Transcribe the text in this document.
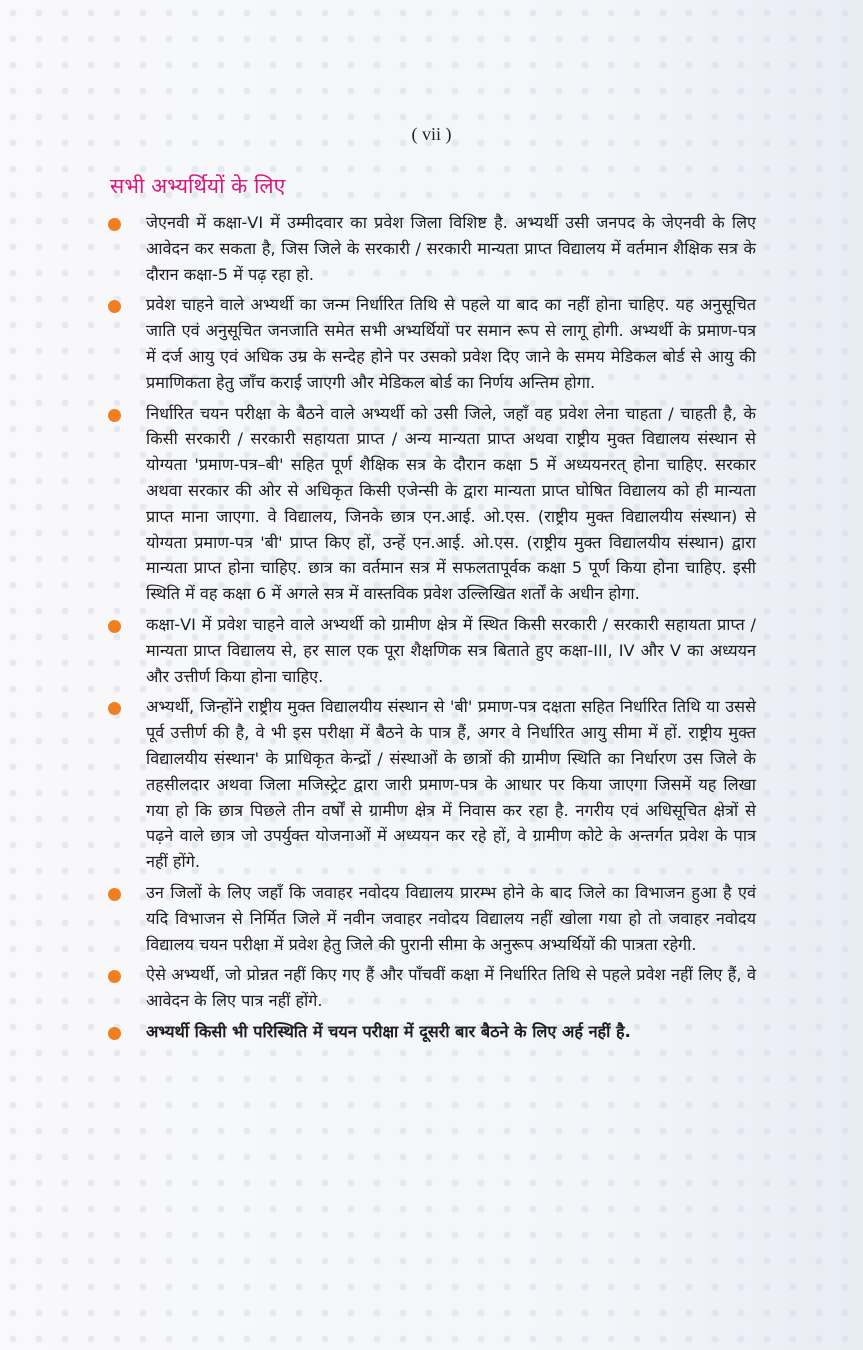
( vii )
सभी अभ्यर्थियों के लिए
जेएनवी में कक्षा-VI में उम्मीदवार का प्रवेश जिला विशिष्ट है. अभ्यर्थी उसी जनपद के जेएनवी के लिए आवेदन कर सकता है, जिस जिले के सरकारी / सरकारी मान्यता प्राप्त विद्यालय में वर्तमान शैक्षिक सत्र के दौरान कक्षा-5 में पढ़ रहा हो.
प्रवेश चाहने वाले अभ्यर्थी का जन्म निर्धारित तिथि से पहले या बाद का नहीं होना चाहिए. यह अनुसूचित जाति एवं अनुसूचित जनजाति समेत सभी अभ्यर्थियों पर समान रूप से लागू होगी. अभ्यर्थी के प्रमाण-पत्र में दर्ज आयु एवं अधिक उम्र के सन्देह होने पर उसको प्रवेश दिए जाने के समय मेडिकल बोर्ड से आयु की प्रमाणिकता हेतु जाँच कराई जाएगी और मेडिकल बोर्ड का निर्णय अन्तिम होगा.
निर्धारित चयन परीक्षा के बैठने वाले अभ्यर्थी को उसी जिले, जहाँ वह प्रवेश लेना चाहता / चाहती है, के किसी सरकारी / सरकारी सहायता प्राप्त / अन्य मान्यता प्राप्त अथवा राष्ट्रीय मुक्त विद्यालय संस्थान से योग्यता 'प्रमाण-पत्र–बी' सहित पूर्ण शैक्षिक सत्र के दौरान कक्षा 5 में अध्ययनरत् होना चाहिए. सरकार अथवा सरकार की ओर से अधिकृत किसी एजेन्सी के द्वारा मान्यता प्राप्त घोषित विद्यालय को ही मान्यता प्राप्त माना जाएगा. वे विद्यालय, जिनके छात्र एन.आई. ओ.एस. (राष्ट्रीय मुक्त विद्यालयीय संस्थान) से योग्यता प्रमाण-पत्र 'बी' प्राप्त किए हों, उन्हें एन.आई. ओ.एस. (राष्ट्रीय मुक्त विद्यालयीय संस्थान) द्वारा मान्यता प्राप्त होना चाहिए. छात्र का वर्तमान सत्र में सफलतापूर्वक कक्षा 5 पूर्ण किया होना चाहिए. इसी स्थिति में वह कक्षा 6 में अगले सत्र में वास्तविक प्रवेश उल्लिखित शर्तों के अधीन होगा.
कक्षा-VI में प्रवेश चाहने वाले अभ्यर्थी को ग्रामीण क्षेत्र में स्थित किसी सरकारी / सरकारी सहायता प्राप्त / मान्यता प्राप्त विद्यालय से, हर साल एक पूरा शैक्षणिक सत्र बिताते हुए कक्षा-III, IV और V का अध्ययन और उत्तीर्ण किया होना चाहिए.
अभ्यर्थी, जिन्होंने राष्ट्रीय मुक्त विद्यालयीय संस्थान से 'बी' प्रमाण-पत्र दक्षता सहित निर्धारित तिथि या उससे पूर्व उत्तीर्ण की है, वे भी इस परीक्षा में बैठने के पात्र हैं, अगर वे निर्धारित आयु सीमा में हों. राष्ट्रीय मुक्त विद्यालयीय संस्थान' के प्राधिकृत केन्द्रों / संस्थाओं के छात्रों की ग्रामीण स्थिति का निर्धारण उस जिले के तहसीलदार अथवा जिला मजिस्ट्रेट द्वारा जारी प्रमाण-पत्र के आधार पर किया जाएगा जिसमें यह लिखा गया हो कि छात्र पिछले तीन वर्षों से ग्रामीण क्षेत्र में निवास कर रहा है. नगरीय एवं अधिसूचित क्षेत्रों से पढ़ने वाले छात्र जो उपर्युक्त योजनाओं में अध्ययन कर रहे हों, वे ग्रामीण कोटे के अन्तर्गत प्रवेश के पात्र नहीं होंगे.
उन जिलों के लिए जहाँ कि जवाहर नवोदय विद्यालय प्रारम्भ होने के बाद जिले का विभाजन हुआ है एवं यदि विभाजन से निर्मित जिले में नवीन जवाहर नवोदय विद्यालय नहीं खोला गया हो तो जवाहर नवोदय विद्यालय चयन परीक्षा में प्रवेश हेतु जिले की पुरानी सीमा के अनुरूप अभ्यर्थियों की पात्रता रहेगी.
ऐसे अभ्यर्थी, जो प्रोन्नत नहीं किए गए हैं और पाँचवीं कक्षा में निर्धारित तिथि से पहले प्रवेश नहीं लिए हैं, वे आवेदन के लिए पात्र नहीं होंगे.
अभ्यर्थी किसी भी परिस्थिति में चयन परीक्षा में दूसरी बार बैठने के लिए अर्ह नहीं है.
